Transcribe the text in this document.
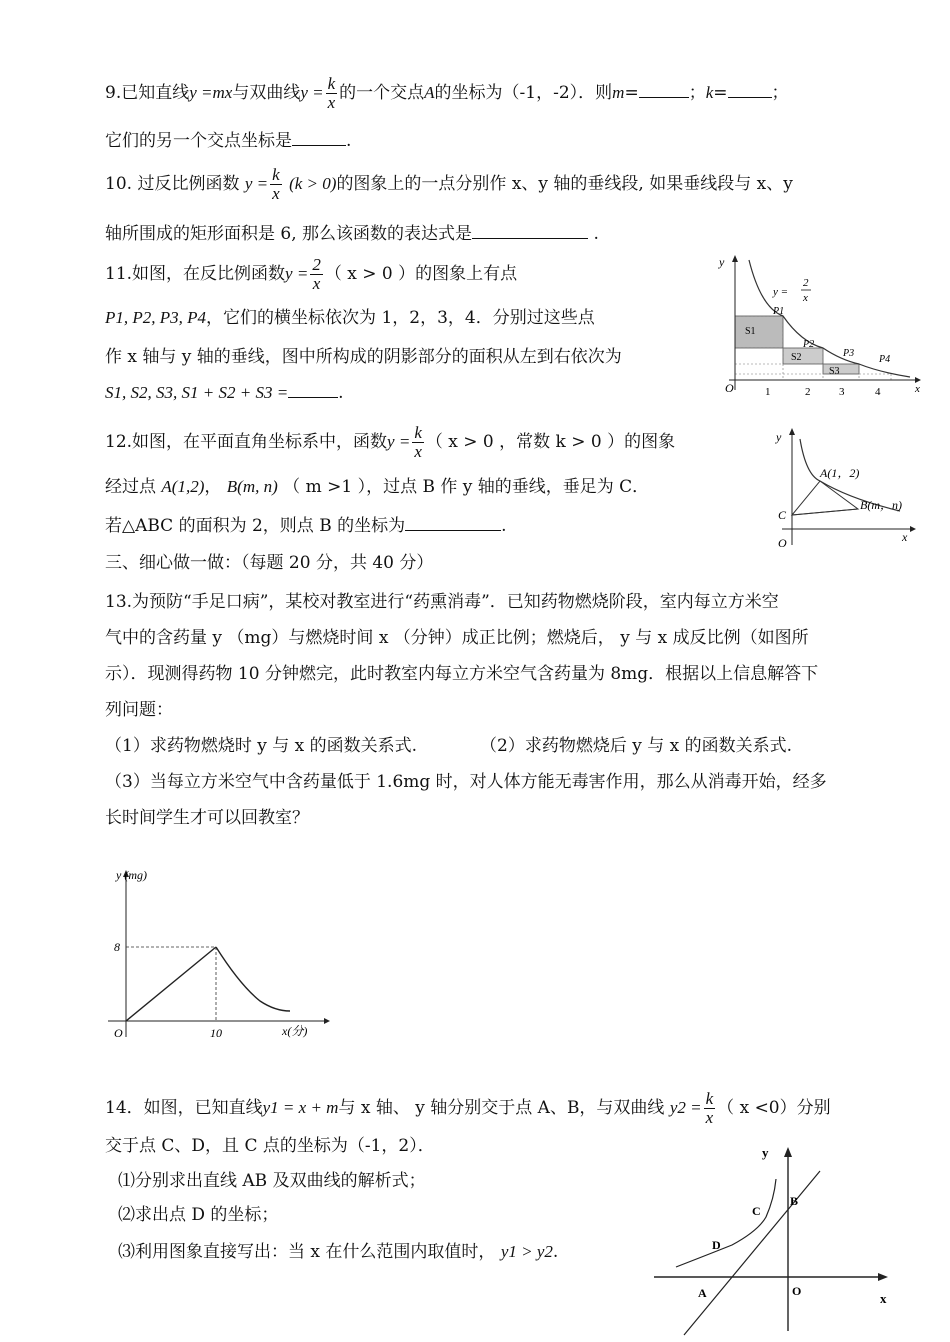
9.已知直线y =mx与双曲线$y = \frac{k}{x}$ 的一个交点A的坐标为（-1，-2）．则m=	；k=	；
它们的另一个交点坐标是	.
10. 过反比例函数 $y = \frac{k}{x} (k > 0)$的图象上的一点分别作 x、y 轴的垂线段, 如果垂线段与 x、y
轴所围成的矩形面积是 6, 那么该函数的表达式是	.
11.如图，在反比例函数$y = \frac{2}{x}$ （ x > 0 ）的图象上有点
P1, P2, P3, P4，它们的横坐标依次为 1，2，3，4．分别过这些点
作 x 轴与 y 轴的垂线，图中所构成的阴影部分的面积从左到右依次为
S1, S2, S3, S1 + S2 + S3 =	.
y
x
O	1	2	3	4
y =
2
x
P1
P2
P3
P4
S1
S2
S3
12.如图，在平面直角坐标系中，函数$y = \frac{k}{x}$ （ x > 0 ，常数 k > 0 ）的图象
经过点 A(1,2)， B(m, n) （ m >1 ），过点 B 作 y 轴的垂线，垂足为 C．
若△ABC 的面积为 2，则点 B 的坐标为	.
y
x
O
C
A(1，2)
B(m，n)
三、细心做一做：（每题 20 分，共 40 分）
13.为预防“手足口病”，某校对教室进行“药熏消毒”．已知药物燃烧阶段，室内每立方米空
气中的含药量 y （mg）与燃烧时间 x （分钟）成正比例；燃烧后， y 与 x 成反比例（如图所
示）．现测得药物 10 分钟燃完，此时教室内每立方米空气含药量为 8mg．根据以上信息解答下
列问题：
（1）求药物燃烧时 y 与 x 的函数关系式.	（2）求药物燃烧后 y 与 x 的函数关系式.
（3）当每立方米空气中含药量低于 1.6mg 时，对人体方能无毒害作用，那么从消毒开始，经多
长时间学生才可以回教室？
y (mg)
x(分)
O
8
10
14．如图，已知直线y1 = x + m与 x 轴、 y 轴分别交于点 A、B，与双曲线 $y2 = \frac{k}{x}$ （ x <0）分别
交于点 C、D，且 C 点的坐标为（-1，2）．
⑴分别求出直线 AB 及双曲线的解析式；
⑵求出点 D 的坐标；
⑶利用图象直接写出：当 x 在什么范围内取值时， y1 > y2.
y
x
O
A
B
C
D
